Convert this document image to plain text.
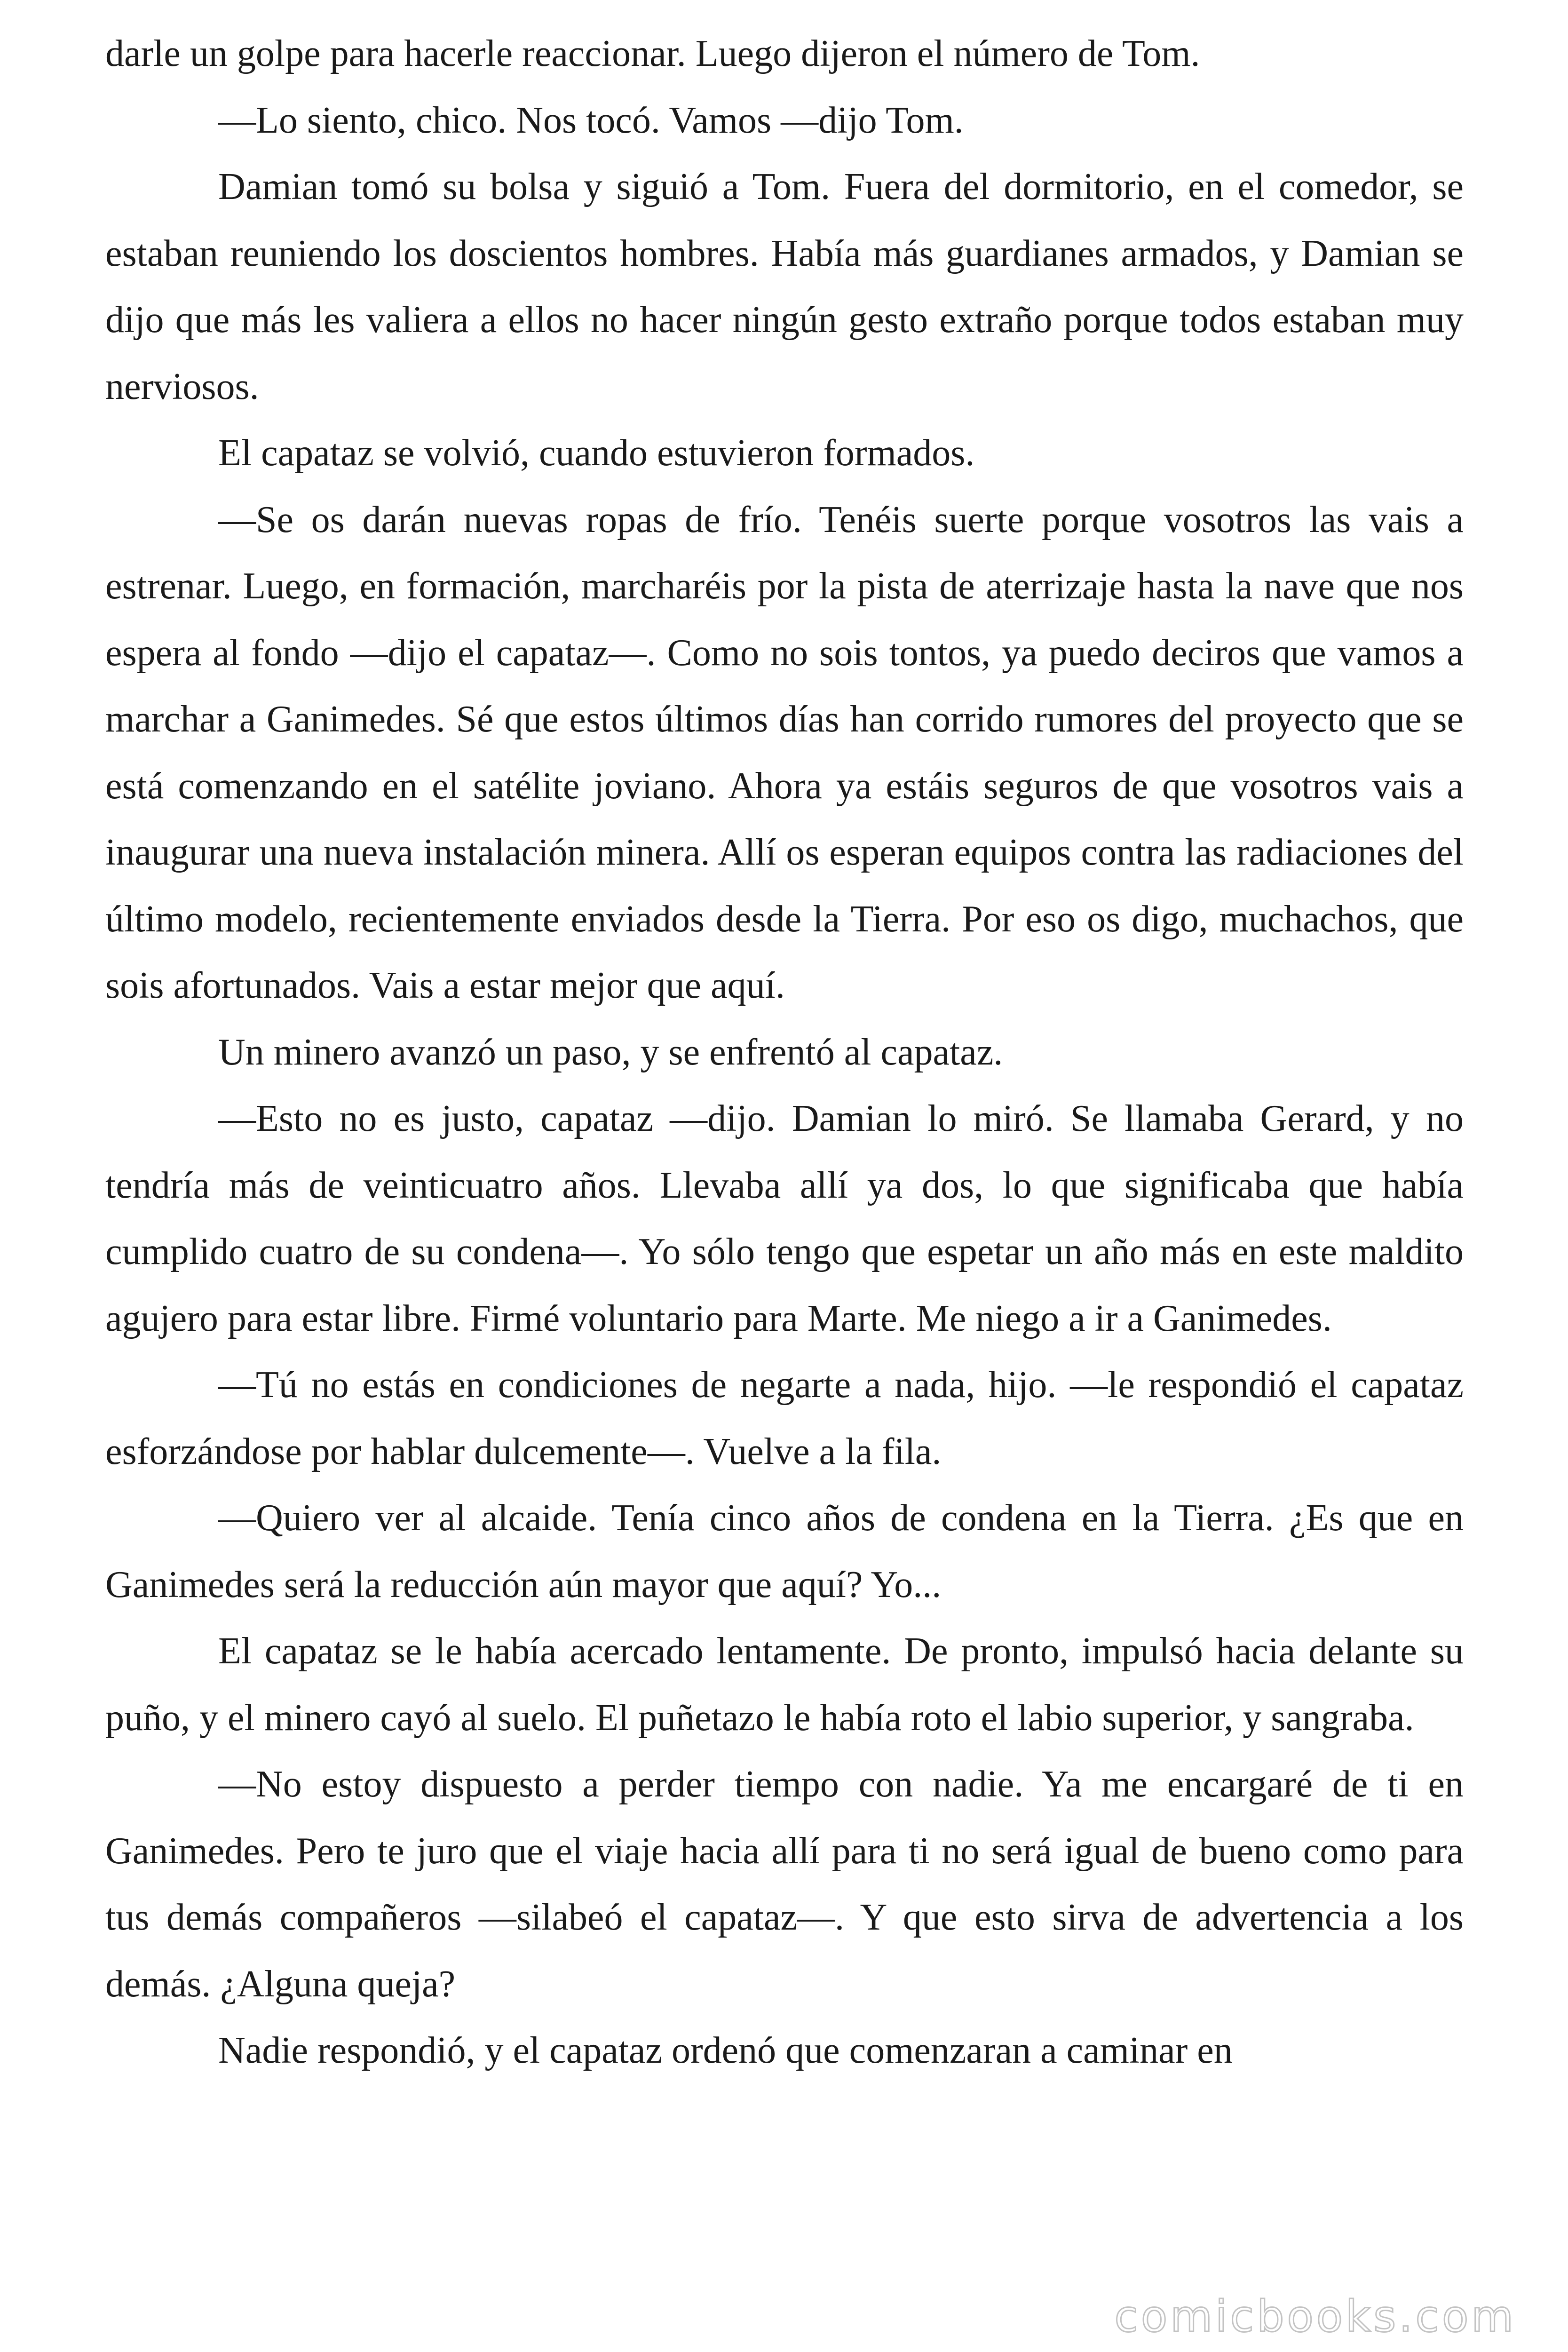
darle un golpe para hacerle reaccionar. Luego dijeron el número de Tom.

—Lo siento, chico. Nos tocó. Vamos —dijo Tom.

Damian tomó su bolsa y siguió a Tom. Fuera del dormitorio, en el comedor, se estaban reuniendo los doscientos hombres. Había más guardianes armados, y Damian se dijo que más les valiera a ellos no hacer ningún gesto extraño porque todos estaban muy nerviosos.

El capataz se volvió, cuando estuvieron formados.

—Se os darán nuevas ropas de frío. Tenéis suerte porque vosotros las vais a estrenar. Luego, en formación, marcharéis por la pista de aterrizaje hasta la nave que nos espera al fondo —dijo el capataz—. Como no sois tontos, ya puedo deciros que vamos a marchar a Ganimedes. Sé que estos últimos días han corrido rumores del proyecto que se está comenzando en el satélite joviano. Ahora ya estáis seguros de que vosotros vais a inaugurar una nueva instalación minera. Allí os esperan equipos contra las radiaciones del último modelo, recientemente enviados desde la Tierra. Por eso os digo, muchachos, que sois afortunados. Vais a estar mejor que aquí.

Un minero avanzó un paso, y se enfrentó al capataz.

—Esto no es justo, capataz —dijo. Damian lo miró. Se llamaba Gerard, y no tendría más de veinticuatro años. Llevaba allí ya dos, lo que significaba que había cumplido cuatro de su condena—. Yo sólo tengo que espetar un año más en este maldito agujero para estar libre. Firmé voluntario para Marte. Me niego a ir a Ganimedes.

—Tú no estás en condiciones de negarte a nada, hijo. —le respondió el capataz esforzándose por hablar dulcemente—. Vuelve a la fila.

—Quiero ver al alcaide. Tenía cinco años de condena en la Tierra. ¿Es que en Ganimedes será la reducción aún mayor que aquí? Yo...

El capataz se le había acercado lentamente. De pronto, impulsó hacia delante su puño, y el minero cayó al suelo. El puñetazo le había roto el labio superior, y sangraba.

—No estoy dispuesto a perder tiempo con nadie. Ya me encargaré de ti en Ganimedes. Pero te juro que el viaje hacia allí para ti no será igual de bueno como para tus demás compañeros —silabeó el capataz—. Y que esto sirva de advertencia a los demás. ¿Alguna queja?

Nadie respondió, y el capataz ordenó que comenzaran a caminar en

comicbooks.com
